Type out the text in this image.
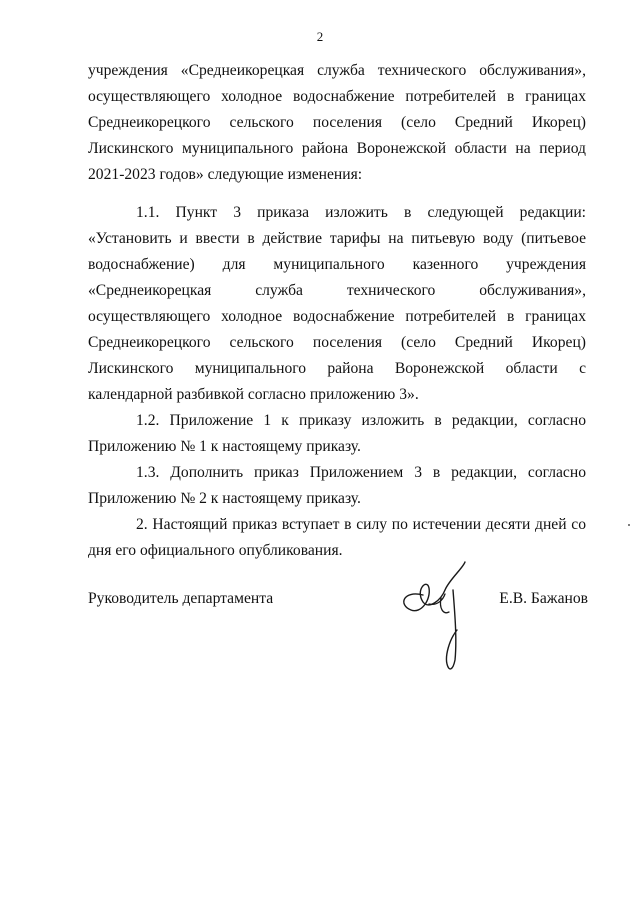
2

учреждения «Среднеикорецкая служба технического обслуживания», осуществляющего холодное водоснабжение потребителей в границах Среднеикорецкого сельского поселения (село Средний Икорец) Лискинского муниципального района Воронежской области на период 2021-2023 годов» следующие изменения:

1.1. Пункт 3 приказа изложить в следующей редакции: «Установить и ввести в действие тарифы на питьевую воду (питьевое водоснабжение) для муниципального казенного учреждения «Среднеикорецкая служба технического обслуживания», осуществляющего холодное водоснабжение потребителей в границах Среднеикорецкого сельского поселения (село Средний Икорец) Лискинского муниципального района Воронежской области с календарной разбивкой согласно приложению 3».

1.2. Приложение 1 к приказу изложить в редакции, согласно Приложению № 1 к настоящему приказу.

1.3. Дополнить приказ Приложением 3 в редакции, согласно Приложению № 2 к настоящему приказу.

2. Настоящий приказ вступает в силу по истечении десяти дней со дня его официального опубликования.

Руководитель департамента	Е.В. Бажанов
